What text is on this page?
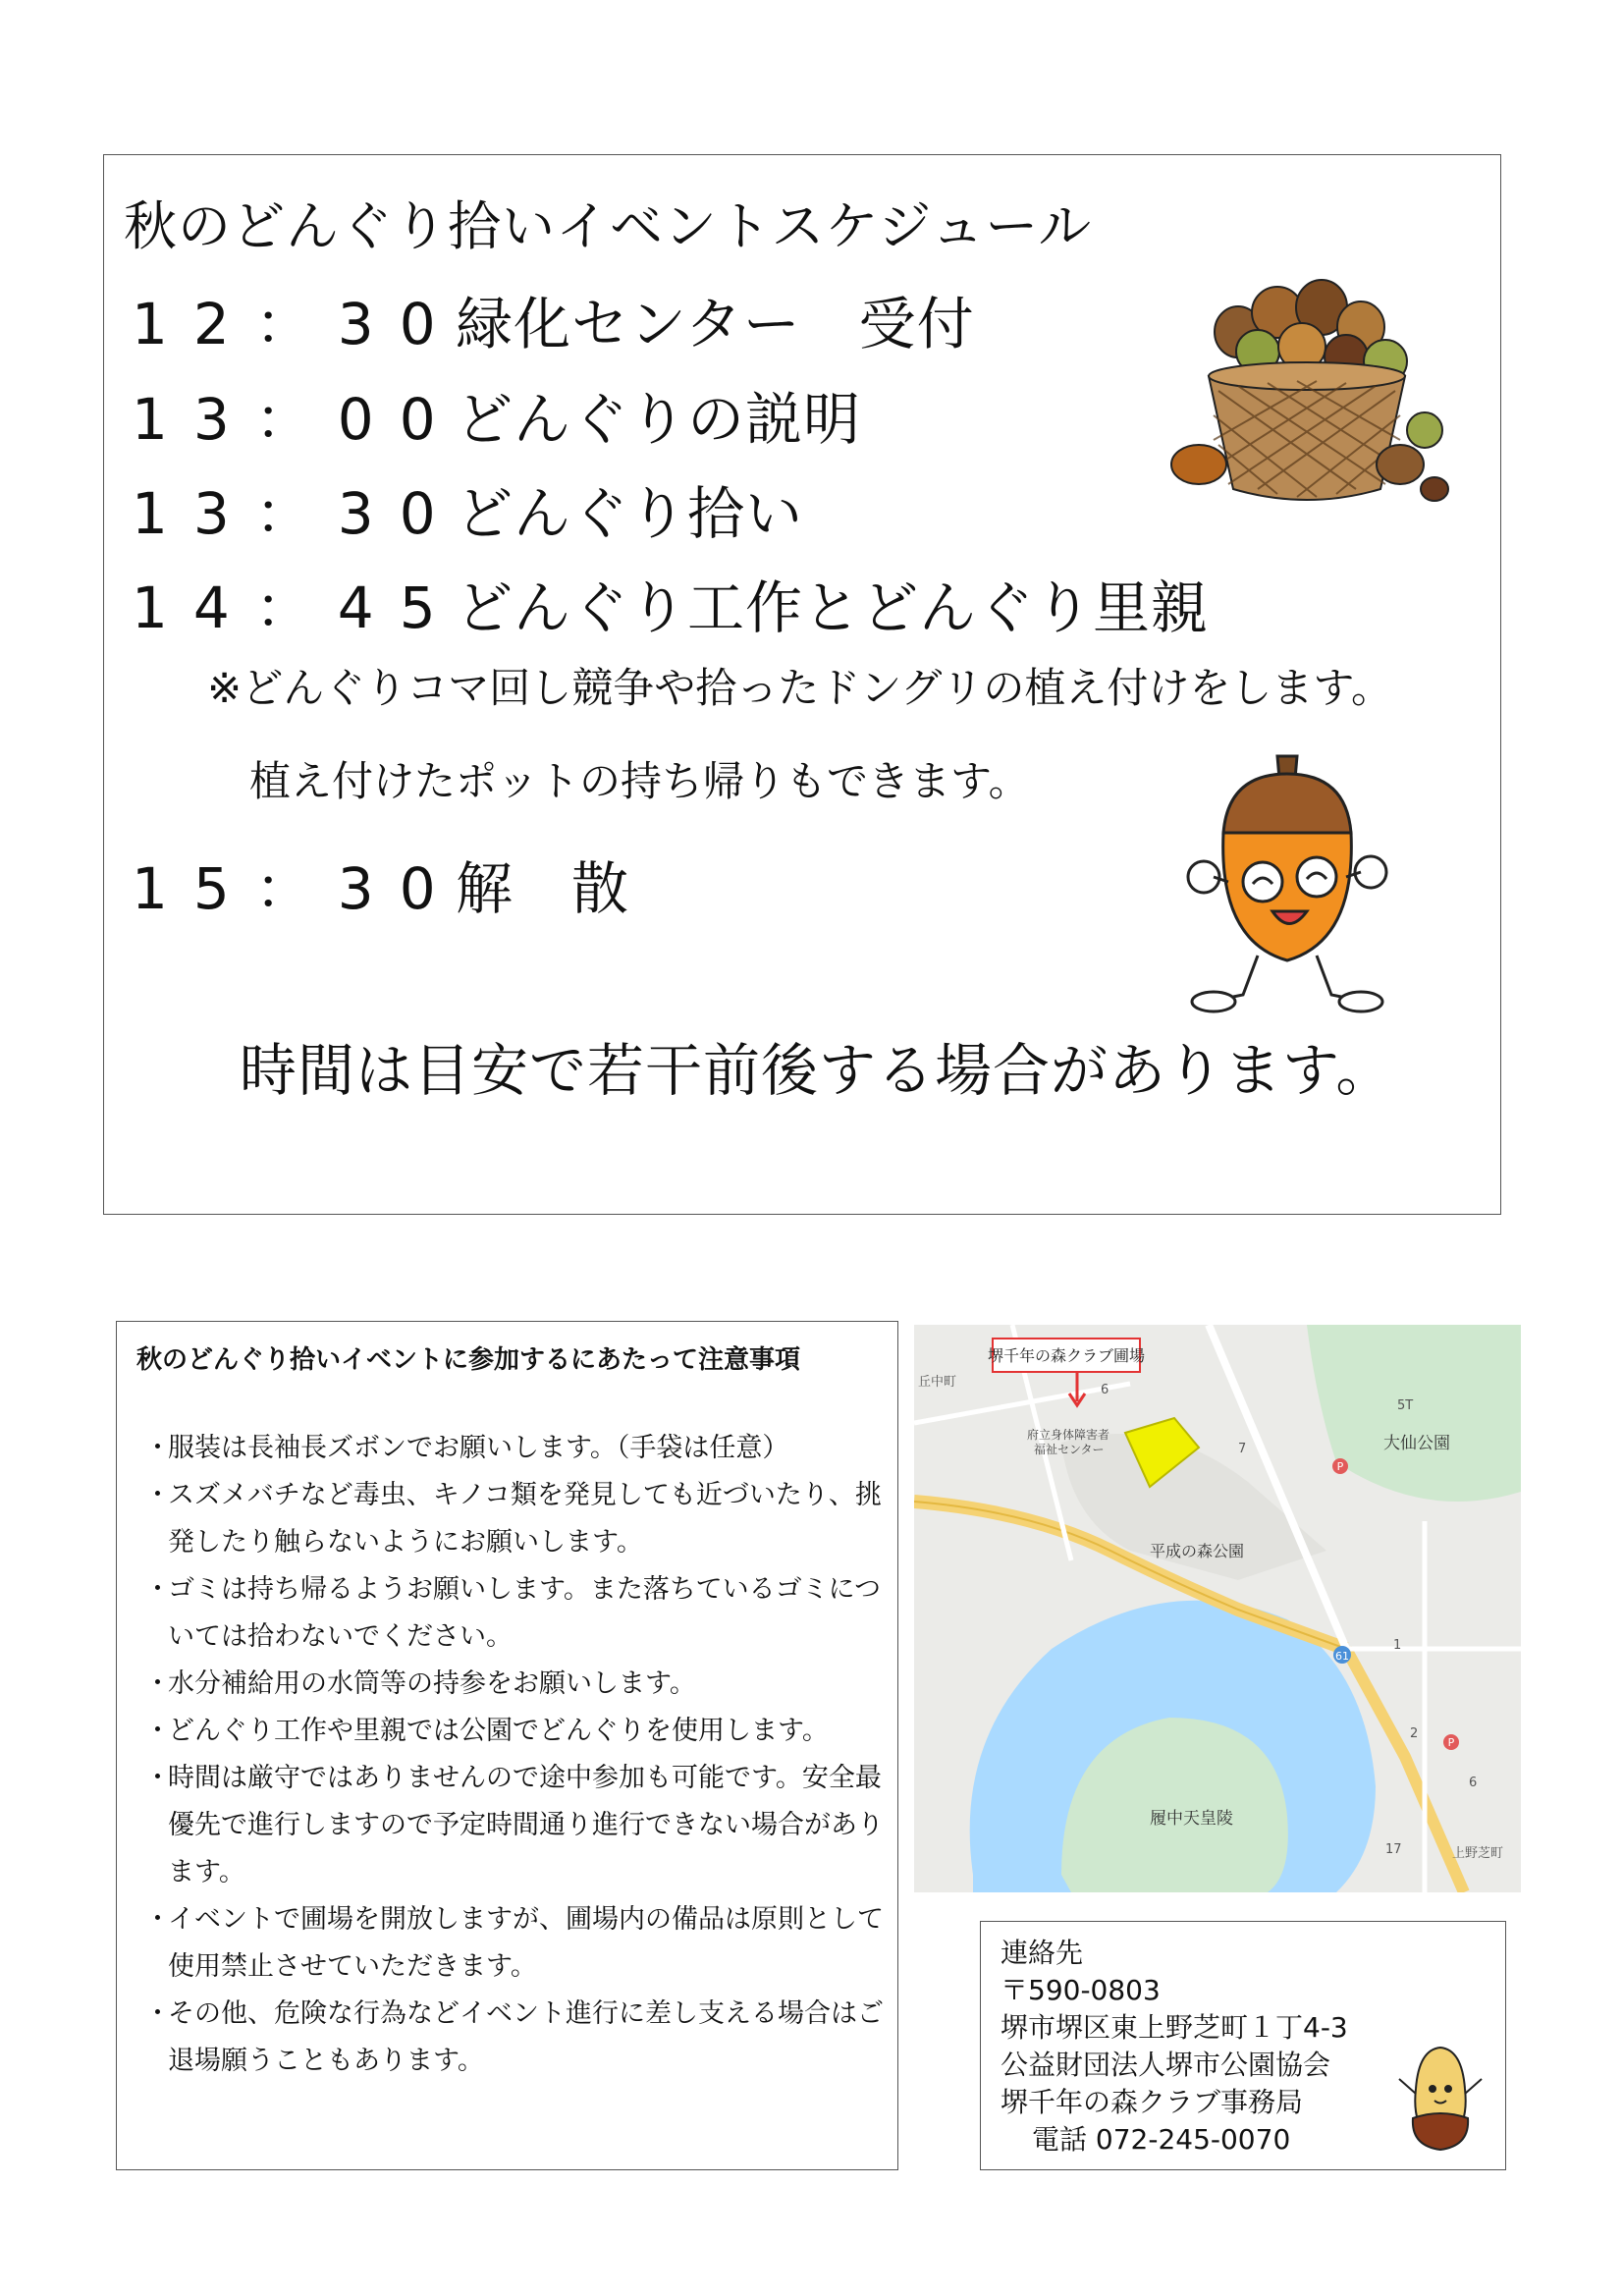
秋のどんぐり拾いイベントスケジュール
12：30緑化センター　受付
13：00どんぐりの説明
13：30どんぐり拾い
14：45どんぐり工作とどんぐり里親
※どんぐりコマ回し競争や拾ったドングリの植え付けをします。
植え付けたポットの持ち帰りもできます。
15：30解　散
時間は目安で若干前後する場合があります。
秋のどんぐり拾いイベントに参加するにあたって注意事項
・
服装は長袖長ズボンでお願いします。（手袋は任意）
・
スズメバチなど毒虫、キノコ類を発見しても近づいたり、挑発したり触らないようにお願いします。
・
ゴミは持ち帰るようお願いします。また落ちているゴミについては拾わないでください。
・
水分補給用の水筒等の持参をお願いします。
・
どんぐり工作や里親では公園でどんぐりを使用します。
・
時間は厳守ではありませんので途中参加も可能です。安全最優先で進行しますので予定時間通り進行できない場合があります。
・
イベントで圃場を開放しますが、圃場内の備品は原則として使用禁止させていただきます。
・
その他、危険な行為などイベント進行に差し支える場合はご退場願うこともあります。
堺千年の森クラブ圃場
丘中町
府立身体障害者
福祉センター	大仙公園
平成の森公園
履中天皇陵
上野芝町
5T
1
2
6
6
7
17
61
P
P
連絡先
〒590-0803
堺市堺区東上野芝町１丁4-3
公益財団法人堺市公園協会
堺千年の森クラブ事務局
電話 072-245-0070
